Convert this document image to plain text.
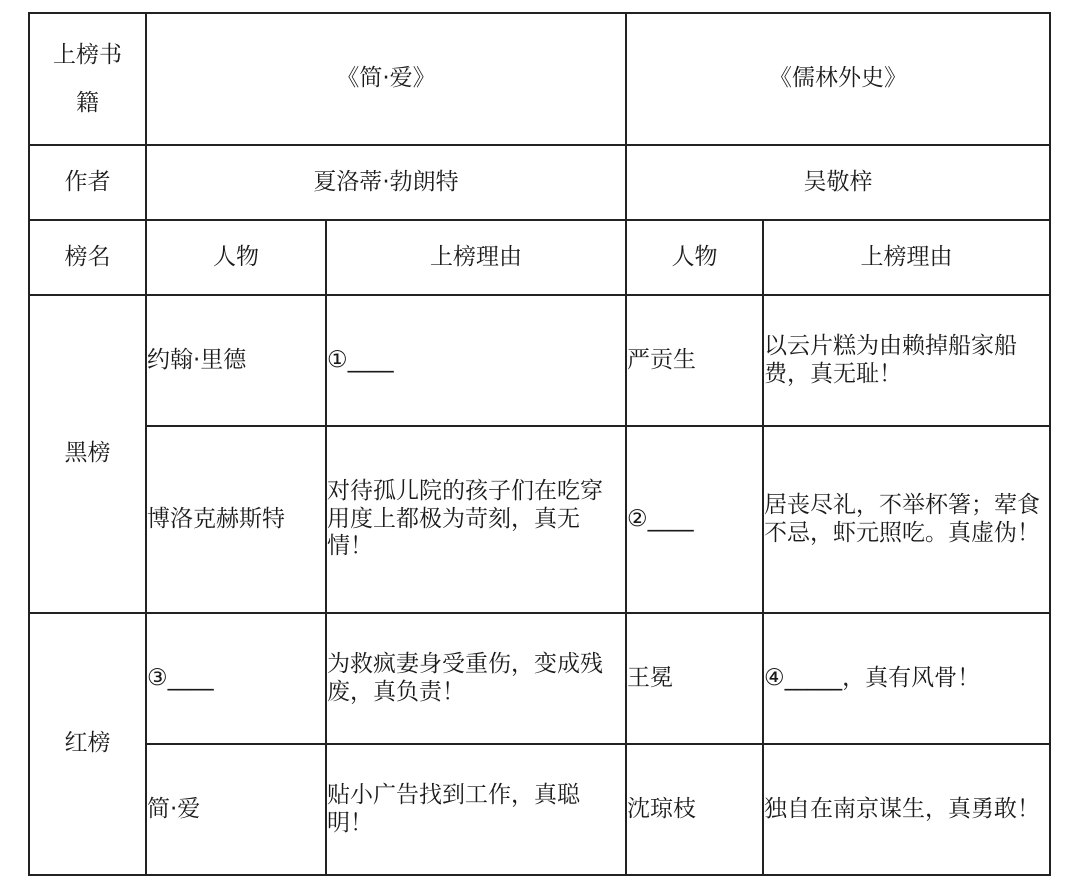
上榜书籍	《简·爱》		《儒林外史》	
作者	夏洛蒂·勃朗特		吴敬梓	
榜名	人物	上榜理由	人物	上榜理由
黑榜	约翰·里德	①____	严贡生	以云片糕为由赖掉船家船费，真无耻！
	博洛克赫斯特	对待孤儿院的孩子们在吃穿用度上都极为苛刻，真无情！	②____	居丧尽礼，不举杯箸；荤食不忌，虾元照吃。真虚伪！
红榜	③____	为救疯妻身受重伤，变成残废，真负责！	王冕	④_____，真有风骨！
	简·爱	贴小广告找到工作，真聪明！	沈琼枝	独自在南京谋生，真勇敢！
